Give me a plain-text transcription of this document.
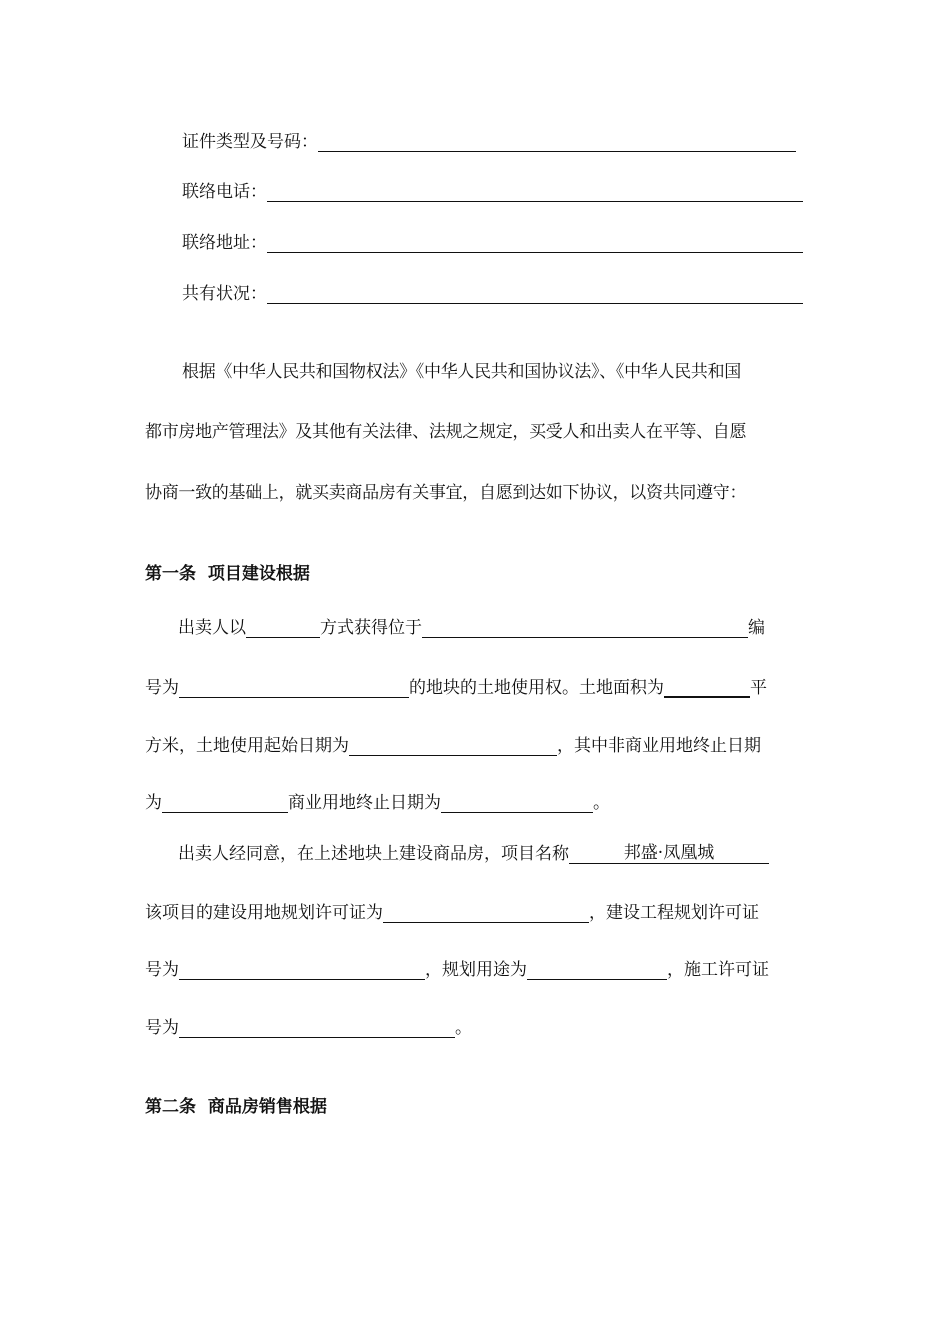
证件类型及号码：
联络电话：
联络地址：
共有状况：
根据《中华人民共和国物权法》《中华人民共和国协议法》、《中华人民共和国
都市房地产管理法》及其他有关法律、法规之规定，买受人和出卖人在平等、自愿
协商一致的基础上，就买卖商品房有关事宜，自愿到达如下协议，以资共同遵守：
第一条  项目建设根据
出卖人以	方式获得位于	编
号为	的地块的土地使用权。土地面积为	平
方米，土地使用起始日期为	，其中非商业用地终止日期
为	商业用地终止日期为	。
出卖人经同意，在上述地块上建设商品房，项目名称	邦盛·凤凰城
该项目的建设用地规划许可证为	，建设工程规划许可证
号为	，规划用途为	，施工许可证
号为	。
第二条  商品房销售根据
